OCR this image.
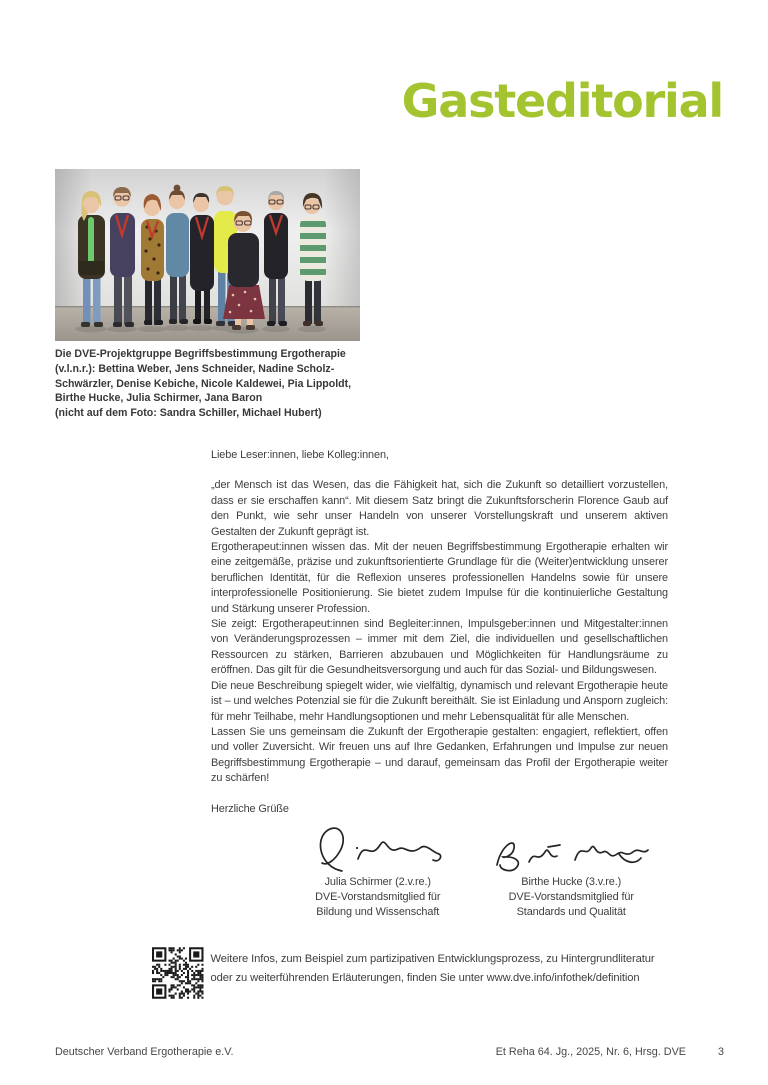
Gasteditorial
Die DVE-Projektgruppe Begriffsbestimmung Ergotherapie
(v.l.n.r.): Bettina Weber, Jens Schneider, Nadine Scholz-
Schwärzler, Denise Kebiche, Nicole Kaldewei, Pia Lippoldt,
Birthe Hucke, Julia Schirmer, Jana Baron
(nicht auf dem Foto: Sandra Schiller, Michael Hubert)

Liebe Leser:innen, liebe Kolleg:innen,

„der Mensch ist das Wesen, das die Fähigkeit hat, sich die Zukunft so detailliert vorzustellen, dass er sie erschaffen kann“. Mit diesem Satz bringt die Zukunftsforscherin Florence Gaub auf den Punkt, wie sehr unser Handeln von unserer Vorstellungskraft und unserem aktiven Gestalten der Zukunft geprägt ist.

Ergotherapeut:innen wissen das. Mit der neuen Begriffsbestimmung Ergotherapie erhalten wir eine zeitgemäße, präzise und zukunftsorientierte Grundlage für die (Weiter)entwicklung unserer beruflichen Identität, für die Reflexion unseres professionellen Handelns sowie für unsere interprofessionelle Positionierung. Sie bietet zudem Impulse für die kontinuierliche Gestaltung und Stärkung unserer Profession.

Sie zeigt: Ergotherapeut:innen sind Begleiter:innen, Impulsgeber:innen und Mitgestalter:innen von Veränderungsprozessen – immer mit dem Ziel, die individuellen und gesellschaftlichen Ressourcen zu stärken, Barrieren abzubauen und Möglichkeiten für Handlungsräume zu eröffnen. Das gilt für die Gesundheitsversorgung und auch für das Sozial- und Bildungswesen.

Die neue Beschreibung spiegelt wider, wie vielfältig, dynamisch und relevant Ergotherapie heute ist – und welches Potenzial sie für die Zukunft bereithält. Sie ist Einladung und Ansporn zugleich: für mehr Teilhabe, mehr Handlungsoptionen und mehr Lebensqualität für alle Menschen.

Lassen Sie uns gemeinsam die Zukunft der Ergotherapie gestalten: engagiert, reflektiert, offen und voller Zuversicht. Wir freuen uns auf Ihre Gedanken, Erfahrungen und Impulse zur neuen Begriffsbestimmung Ergotherapie – und darauf, gemeinsam das Profil der Ergotherapie weiter zu schärfen!

Herzliche Grüße

Julia Schirmer (2.v.re.)
DVE-Vorstandsmitglied für
Bildung und Wissenschaft
Birthe Hucke (3.v.re.)
DVE-Vorstandsmitglied für
Standards und Qualität
Weitere Infos, zum Beispiel zum partizipativen Entwicklungsprozess, zu Hintergrundliteratur oder zu weiterführenden Erläuterungen, finden Sie unter www.dve.info/infothek/definition
Deutscher Verband Ergotherapie e.V.	Et Reha 64. Jg., 2025, Nr. 6, Hrsg. DVE	3
